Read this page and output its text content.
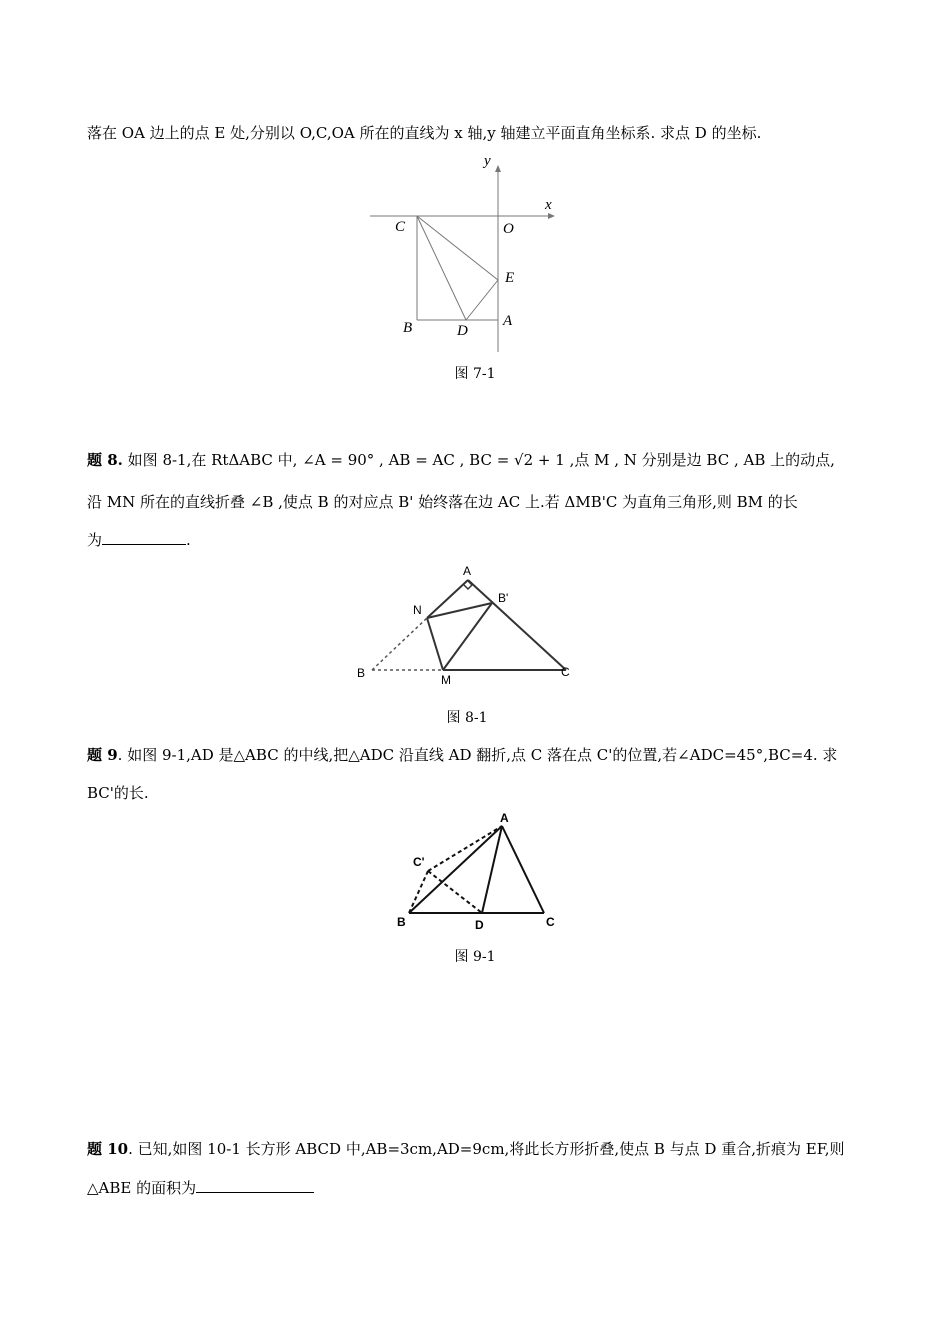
落在 OA 边上的点 E 处,分别以 O,C,OA 所在的直线为 x 轴,y 轴建立平面直角坐标系. 求点 D 的坐标.
y
x
C	O
E
B	D
A
图 7-1
题 8. 如图 8-1,在 RtΔABC 中, ∠A = 90° , AB = AC , BC = √2 + 1 ,点 M , N 分别是边 BC , AB 上的动点,
沿 MN 所在的直线折叠 ∠B ,使点 B 的对应点 B' 始终落在边 AC 上.若 ΔMB'C 为直角三角形,则 BM 的长
为	.
A
B'
N
B	M
C
图 8-1
题 9. 如图 9-1,AD 是△ABC 的中线,把△ADC 沿直线 AD 翻折,点 C 落在点 C'的位置,若∠ADC=45°,BC=4. 求
BC'的长.
A
C'
B	D	C
图 9-1
题 10. 已知,如图 10-1 长方形 ABCD 中,AB=3cm,AD=9cm,将此长方形折叠,使点 B 与点 D 重合,折痕为 EF,则
△ABE 的面积为
